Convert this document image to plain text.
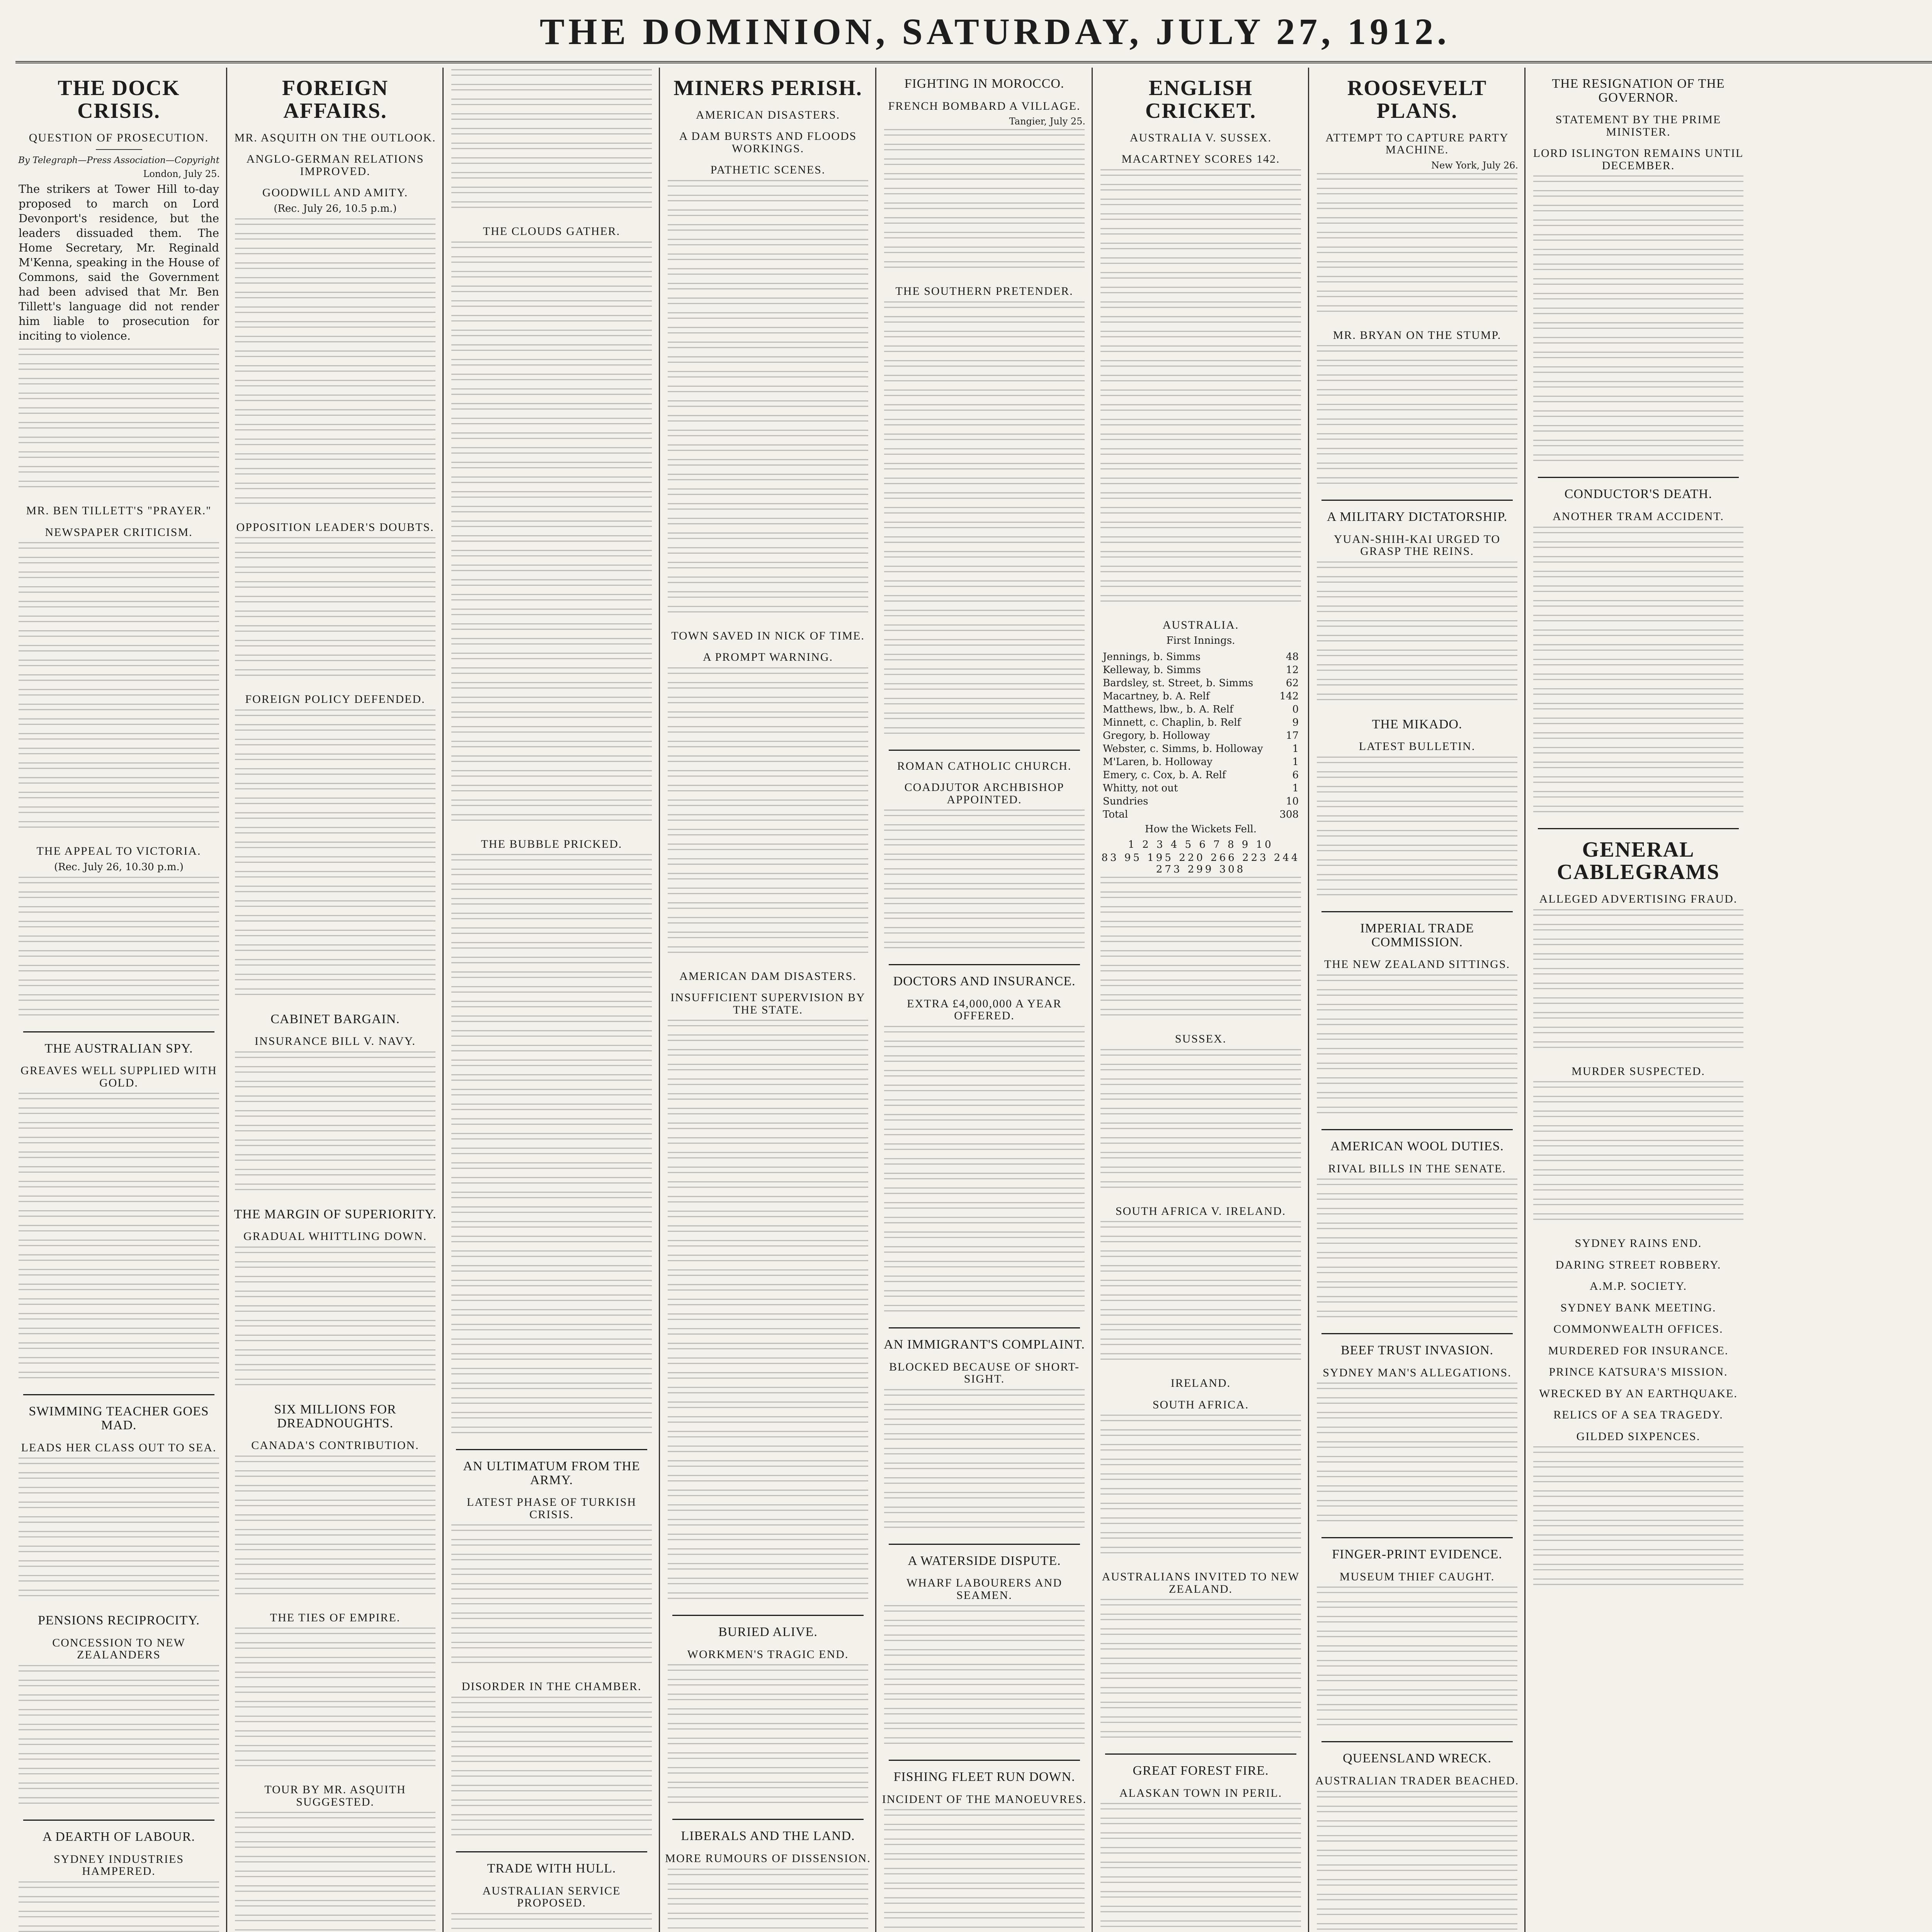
THE DOMINION, SATURDAY, JULY 27, 1912.
THE DOCK CRISIS.
QUESTION OF PROSECUTION.
By Telegraph—Press Association—Copyright
London, July 25.
The strikers at Tower Hill to-day proposed to march on Lord Devonport's residence, but the leaders dissuaded them. The Home Secretary, Mr. Reginald M'Kenna, speaking in the House of Commons, said the Government had been advised that Mr. Ben Tillett's language did not render him liable to prosecution for inciting to violence.
MR. BEN TILLETT'S "PRAYER."
NEWSPAPER CRITICISM.
THE APPEAL TO VICTORIA.
(Rec. July 26, 10.30 p.m.)
THE AUSTRALIAN SPY.
GREAVES WELL SUPPLIED WITH GOLD.
SWIMMING TEACHER GOES MAD.
LEADS HER CLASS OUT TO SEA.
PENSIONS RECIPROCITY.
CONCESSION TO NEW ZEALANDERS
A DEARTH OF LABOUR.
SYDNEY INDUSTRIES HAMPERED.
FOREIGN AFFAIRS.
MR. ASQUITH ON THE OUTLOOK.
ANGLO-GERMAN RELATIONS IMPROVED.
GOODWILL AND AMITY.
(Rec. July 26, 10.5 p.m.)
OPPOSITION LEADER'S DOUBTS.
FOREIGN POLICY DEFENDED.
CABINET BARGAIN.
INSURANCE BILL V. NAVY.
THE MARGIN OF SUPERIORITY.
GRADUAL WHITTLING DOWN.
SIX MILLIONS FOR DREADNOUGHTS.
CANADA'S CONTRIBUTION.
THE TIES OF EMPIRE.
TOUR BY MR. ASQUITH SUGGESTED.
THE CLOUDS GATHER.
THE BUBBLE PRICKED.
AN ULTIMATUM FROM THE ARMY.
LATEST PHASE OF TURKISH CRISIS.
DISORDER IN THE CHAMBER.
TRADE WITH HULL.
AUSTRALIAN SERVICE PROPOSED.
MINERS PERISH.
AMERICAN DISASTERS.
A DAM BURSTS AND FLOODS WORKINGS.
PATHETIC SCENES.
TOWN SAVED IN NICK OF TIME.
A PROMPT WARNING.
AMERICAN DAM DISASTERS.
INSUFFICIENT SUPERVISION BY THE STATE.
BURIED ALIVE.
WORKMEN'S TRAGIC END.
LIBERALS AND THE LAND.
MORE RUMOURS OF DISSENSION.
FIGHTING IN MOROCCO.
FRENCH BOMBARD A VILLAGE.
Tangier, July 25.
THE SOUTHERN PRETENDER.
ROMAN CATHOLIC CHURCH.
COADJUTOR ARCHBISHOP APPOINTED.
DOCTORS AND INSURANCE.
EXTRA £4,000,000 A YEAR OFFERED.
AN IMMIGRANT'S COMPLAINT.
BLOCKED BECAUSE OF SHORT-SIGHT.
A WATERSIDE DISPUTE.
WHARF LABOURERS AND SEAMEN.
FISHING FLEET RUN DOWN.
INCIDENT OF THE MANOEUVRES.
ENGLISH CRICKET.
AUSTRALIA V. SUSSEX.
MACARTNEY SCORES 142.
AUSTRALIA.
First Innings.
Jennings, b. Simms	48
Kelleway, b. Simms	12
Bardsley, st. Street, b. Simms	62
Macartney, b. A. Relf	142
Matthews, lbw., b. A. Relf	0
Minnett, c. Chaplin, b. Relf	9
Gregory, b. Holloway	17
Webster, c. Simms, b. Holloway	1
M'Laren, b. Holloway	1
Emery, c. Cox, b. A. Relf	6
Whitty, not out	1
Sundries	10
Total	308
How the Wickets Fell.
1 2 3 4 5 6 7 8 9 10
83 95 195 220 266 223 244 273 299 308
SUSSEX.
SOUTH AFRICA V. IRELAND.
IRELAND.
SOUTH AFRICA.
AUSTRALIANS INVITED TO NEW ZEALAND.
GREAT FOREST FIRE.
ALASKAN TOWN IN PERIL.
ROOSEVELT PLANS.
ATTEMPT TO CAPTURE PARTY MACHINE.
New York, July 26.
MR. BRYAN ON THE STUMP.
A MILITARY DICTATORSHIP.
YUAN-SHIH-KAI URGED TO GRASP THE REINS.
THE MIKADO.
LATEST BULLETIN.
IMPERIAL TRADE COMMISSION.
THE NEW ZEALAND SITTINGS.
AMERICAN WOOL DUTIES.
RIVAL BILLS IN THE SENATE.
BEEF TRUST INVASION.
SYDNEY MAN'S ALLEGATIONS.
FINGER-PRINT EVIDENCE.
MUSEUM THIEF CAUGHT.
QUEENSLAND WRECK.
AUSTRALIAN TRADER BEACHED.
THE RESIGNATION OF THE GOVERNOR.
STATEMENT BY THE PRIME MINISTER.
LORD ISLINGTON REMAINS UNTIL DECEMBER.
CONDUCTOR'S DEATH.
ANOTHER TRAM ACCIDENT.
GENERAL CABLEGRAMS
ALLEGED ADVERTISING FRAUD.
MURDER SUSPECTED.
SYDNEY RAINS END.
DARING STREET ROBBERY.
A.M.P. SOCIETY.
SYDNEY BANK MEETING.
COMMONWEALTH OFFICES.
MURDERED FOR INSURANCE.
PRINCE KATSURA'S MISSION.
WRECKED BY AN EARTHQUAKE.
RELICS OF A SEA TRAGEDY.
GILDED SIXPENCES.
